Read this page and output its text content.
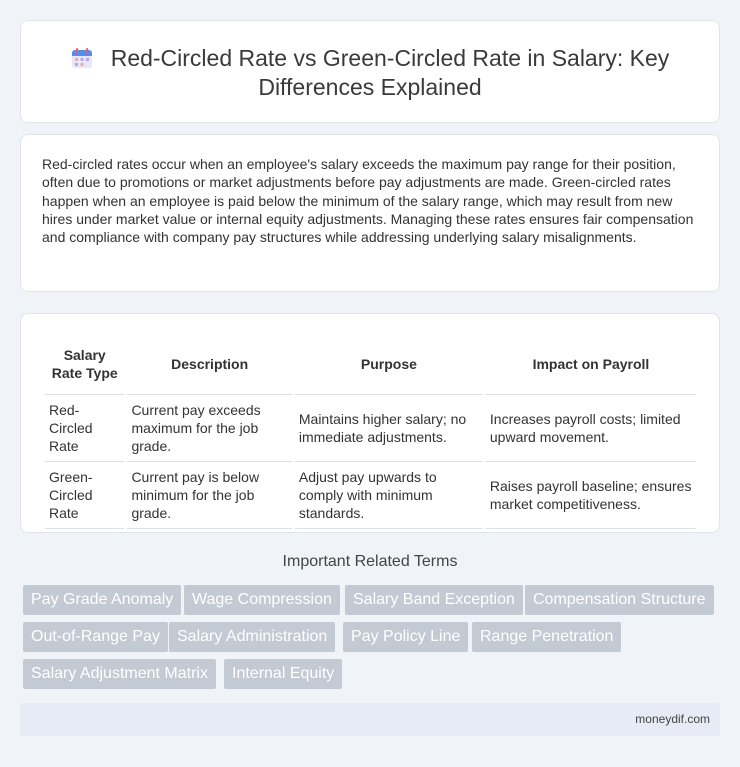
Red-Circled Rate vs Green-Circled Rate in Salary: Key Differences Explained

Red-circled rates occur when an employee's salary exceeds the maximum pay range for their position, often due to promotions or market adjustments before pay adjustments are made. Green-circled rates happen when an employee is paid below the minimum of the salary range, which may result from new hires under market value or internal equity adjustments. Managing these rates ensures fair compensation and compliance with company pay structures while addressing underlying salary misalignments.

Salary Rate Type	Description	Purpose	Impact on Payroll
Red-Circled Rate	Current pay exceeds maximum for the job grade.	Maintains higher salary; no immediate adjustments.	Increases payroll costs; limited upward movement.
Green-Circled Rate	Current pay is below minimum for the job grade.	Adjust pay upwards to comply with minimum standards.	Raises payroll baseline; ensures market competitiveness.
Important Related Terms
Pay Grade Anomaly	Wage Compression	Salary Band Exception	Compensation Structure
Out-of-Range Pay	Salary Administration	Pay Policy Line	Range Penetration
Salary Adjustment Matrix	Internal Equity
moneydif.com
